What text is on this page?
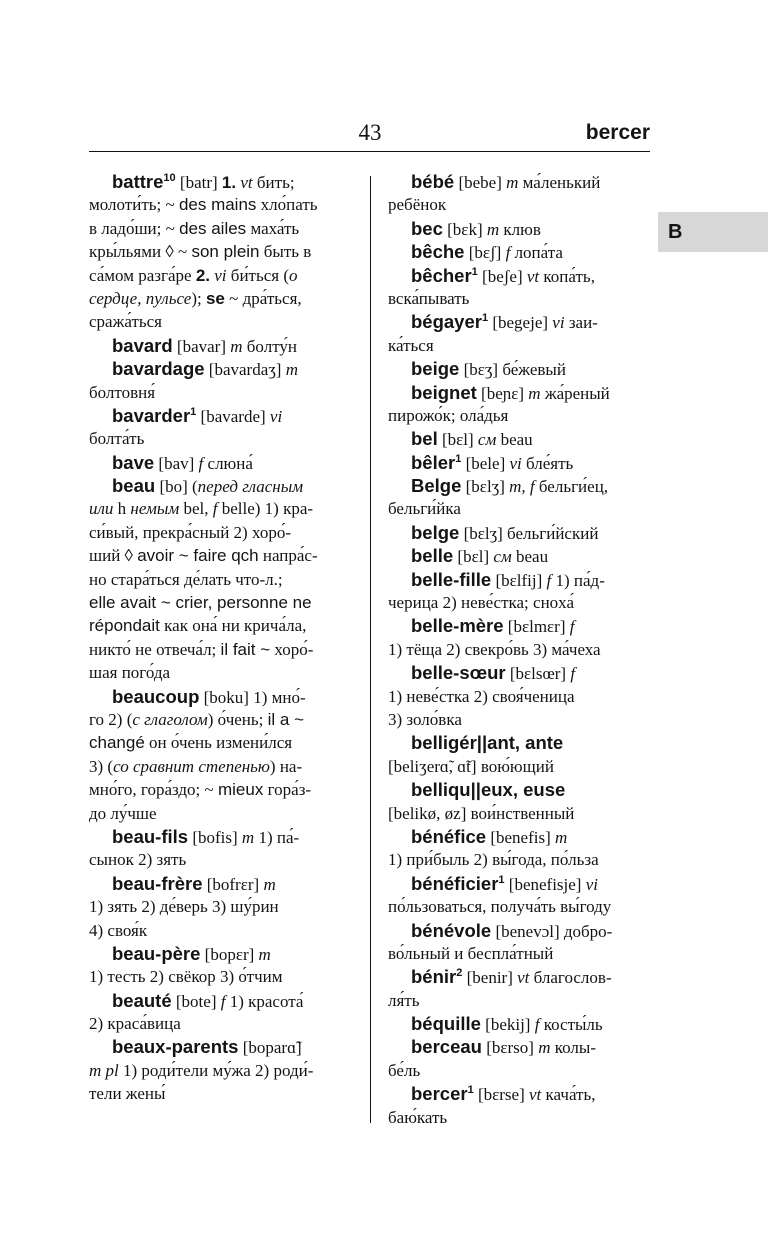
43	bercer
B
battre$^{10}$ [batr] 1. vt бить;
молоти́ть; ~ des mains хло́пать
в ладо́ши; ~ des ailes маха́ть
кры́льями ◊ ~ son plein быть в
са́мом разга́ре 2. vi би́ться (о
сердце, пульсе); se ~ дра́ться,
сража́ться
bavard [bavar] m болту́н
bavardage [bavardaʒ] m
болтовня́
bavarder$^1$ [bavarde] vi
болта́ть
bave [bav] f слюна́
beau [bo] (перед гласным
или h немым bel, f belle) 1) кра-
си́вый, прекра́сный 2) хоро́-
ший ◊ avoir ~ faire qch напра́с-
но стара́ться де́лать что-л.;
elle avait ~ crier, personne ne
répondait как она́ ни крича́ла,
никто́ не отвеча́л; il fait ~ хоро́-
шая пого́да
beaucoup [boku] 1) мно́-
го 2) (с глаголом) о́чень; il a ~
changé он о́чень измени́лся
3) (со сравнит степенью) на-
мно́го, гора́здо; ~ mieux гора́з-
до лу́чше
beau-fils [bofis] m 1) па́-
сынок 2) зять
beau-frère [bofrɛr] m
1) зять 2) де́верь 3) шу́рин
4) своя́к
beau-père [bopɛr] m
1) тесть 2) свёкор 3) о́тчим
beauté [bote] f 1) красота́
2) краса́вица
beaux-parents [boparɑ̃]
m pl 1) роди́тели му́жа 2) роди́-
тели жены́
bébé [bebe] m ма́ленький
ребёнок
bec [bɛk] m клюв
bêche [bɛʃ] f лопа́та
bêcher$^1$ [beʃe] vt копа́ть,
вска́пывать
bégayer$^1$ [begeje] vi заи-
ка́ться
beige [bɛʒ] бе́жевый
beignet [beɲɛ] m жа́реный
пирожо́к; ола́дья
bel [bɛl] см beau
bêler$^1$ [bele] vi бле́ять
Belge [bɛlʒ] m, f бельги́ец,
бельги́йка
belge [bɛlʒ] бельги́йский
belle [bɛl] см beau
belle-fille [bɛlfij] f 1) па́д-
черица 2) неве́стка; снoха́
belle-mère [bɛlmɛr] f
1) тёща 2) свекро́вь 3) ма́чеха
belle-sœur [bɛlsœr] f
1) неве́стка 2) своя́ченица
3) золо́вка
belligér||ant, ante
[beliʒerɑ̃, ɑ̃t] вою́ющий
belliqu||eux, euse
[belikø, øz] вои́нственный
bénéfice [benefis] m
1) при́быль 2) вы́года, по́льза
bénéficier$^1$ [benefisje] vi
по́льзоваться, получа́ть вы́году
bénévole [benevɔl] добро-
во́льный и беспла́тный
bénir$^2$ [benir] vt благослов-
ля́ть
béquille [bekij] f косты́ль
berceau [bɛrso] m колы-
бе́ль
bercer$^1$ [bɛrse] vt кача́ть,
баю́кать
